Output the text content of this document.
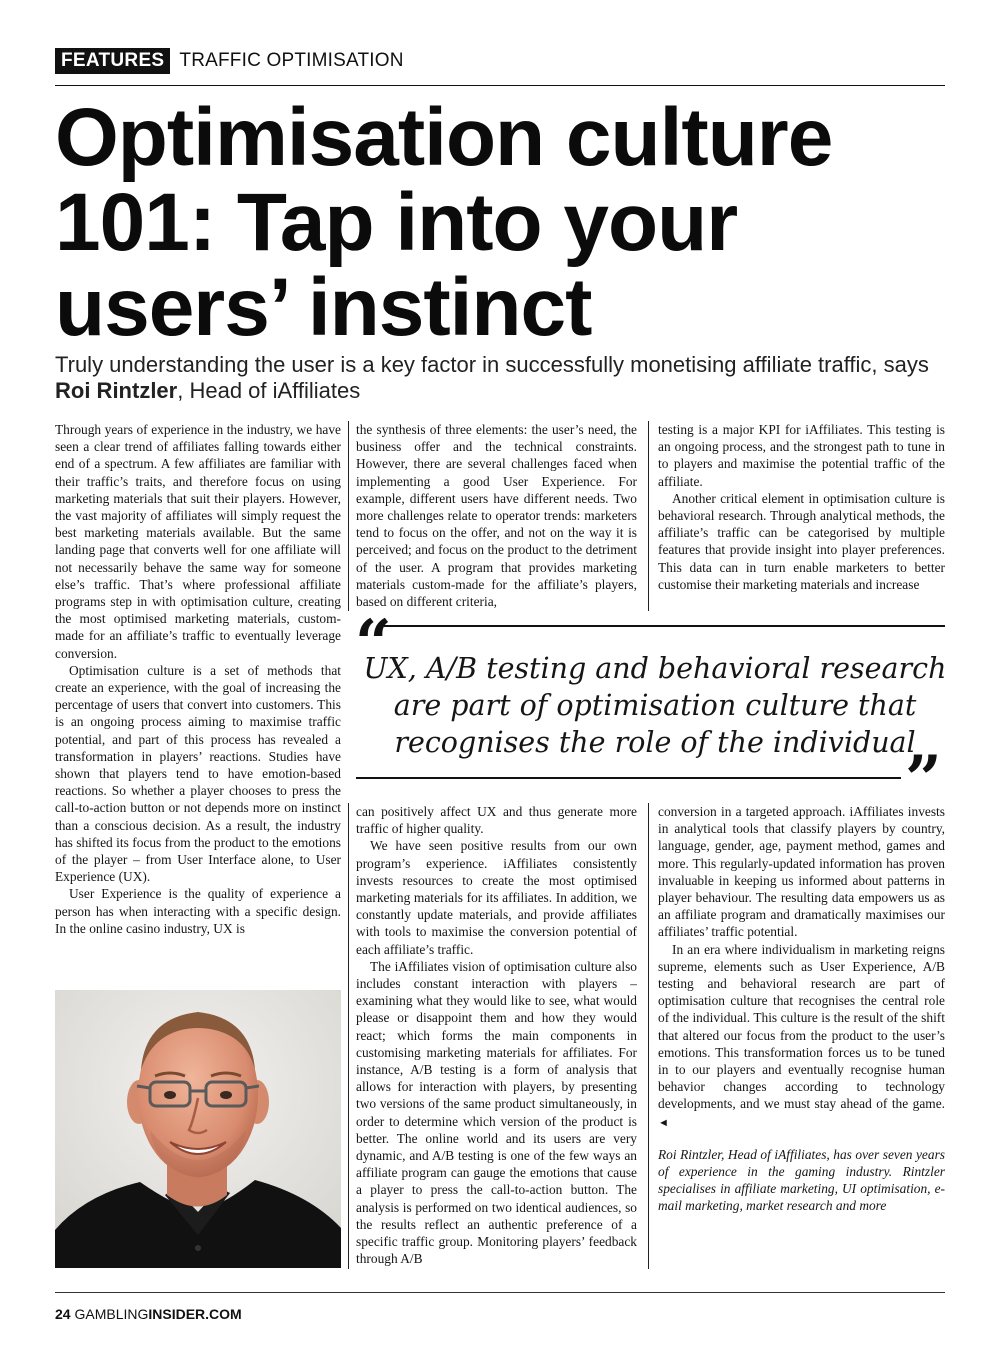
FEATURES TRAFFIC OPTIMISATION
Optimisation culture 101: Tap into your users’ instinct

Truly understanding the user is a key factor in successfully monetising affiliate traffic, says Roi Rintzler, Head of iAffiliates

Through years of experience in the industry, we have seen a clear trend of affiliates falling towards either end of a spectrum. A few affiliates are familiar with their traffic’s traits, and therefore focus on using marketing materials that suit their players. However, the vast majority of affiliates will simply request the best marketing materials available. But the same landing page that converts well for one affiliate will not necessarily behave the same way for someone else’s traffic. That’s where professional affiliate programs step in with optimisation culture, creating the most optimised marketing materials, custom-made for an affiliate’s traffic to eventually leverage conversion.

Optimisation culture is a set of methods that create an experience, with the goal of increasing the percentage of users that convert into customers. This is an ongoing process aiming to maximise traffic potential, and part of this process has revealed a transformation in players’ reactions. Studies have shown that players tend to have emotion-based reactions. So whether a player chooses to press the call-to-action button or not depends more on instinct than a conscious decision. As a result, the industry has shifted its focus from the product to the emotions of the player – from User Interface alone, to User Experience (UX).

User Experience is the quality of experience a person has when interacting with a specific design. In the online casino industry, UX is

the synthesis of three elements: the user’s need, the business offer and the technical constraints. However, there are several challenges faced when implementing a good User Experience. For example, different users have different needs. Two more challenges relate to operator trends: marketers tend to focus on the offer, and not on the way it is perceived; and focus on the product to the detriment of the user. A program that provides marketing materials custom-made for the affiliate’s players, based on different criteria,

testing is a major KPI for iAffiliates. This testing is an ongoing process, and the strongest path to tune in to players and maximise the potential traffic of the affiliate.

Another critical element in optimisation culture is behavioral research. Through analytical methods, the affiliate’s traffic can be categorised by multiple features that provide insight into player preferences. This data can in turn enable marketers to better customise their marketing materials and increase

“

UX, A/B testing and behavioral research are part of optimisation culture that recognises the role of the individual

”

can positively affect UX and thus generate more traffic of higher quality.

We have seen positive results from our own program’s experience. iAffiliates consistently invests resources to create the most optimised marketing materials for its affiliates. In addition, we constantly update materials, and provide affiliates with tools to maximise the conversion potential of each affiliate’s traffic.

The iAffiliates vision of optimisation culture also includes constant interaction with players – examining what they would like to see, what would please or disappoint them and how they would react; which forms the main components in customising marketing materials for affiliates. For instance, A/B testing is a form of analysis that allows for interaction with players, by presenting two versions of the same product simultaneously, in order to determine which version of the product is better. The online world and its users are very dynamic, and A/B testing is one of the few ways an affiliate program can gauge the emotions that cause a player to press the call-to-action button. The analysis is performed on two identical audiences, so the results reflect an authentic preference of a specific traffic group. Monitoring players’ feedback through A/B

conversion in a targeted approach. iAffiliates invests in analytical tools that classify players by country, language, gender, age, payment method, games and more. This regularly-updated information has proven invaluable in keeping us informed about patterns in player behaviour. The resulting data empowers us as an affiliate program and dramatically maximises our affiliates’ traffic potential.

In an era where individualism in marketing reigns supreme, elements such as User Experience, A/B testing and behavioral research are part of optimisation culture that recognises the central role of the individual. This culture is the result of the shift that altered our focus from the product to the user’s emotions. This transformation forces us to be tuned in to our players and eventually recognise human behavior changes according to technology developments, and we must stay ahead of the game. ◄

Roi Rintzler, Head of iAffiliates, has over seven years of experience in the gaming industry. Rintzler specialises in affiliate marketing, UI optimisation, e-mail marketing, market research and more

24 GAMBLINGINSIDER.COM
